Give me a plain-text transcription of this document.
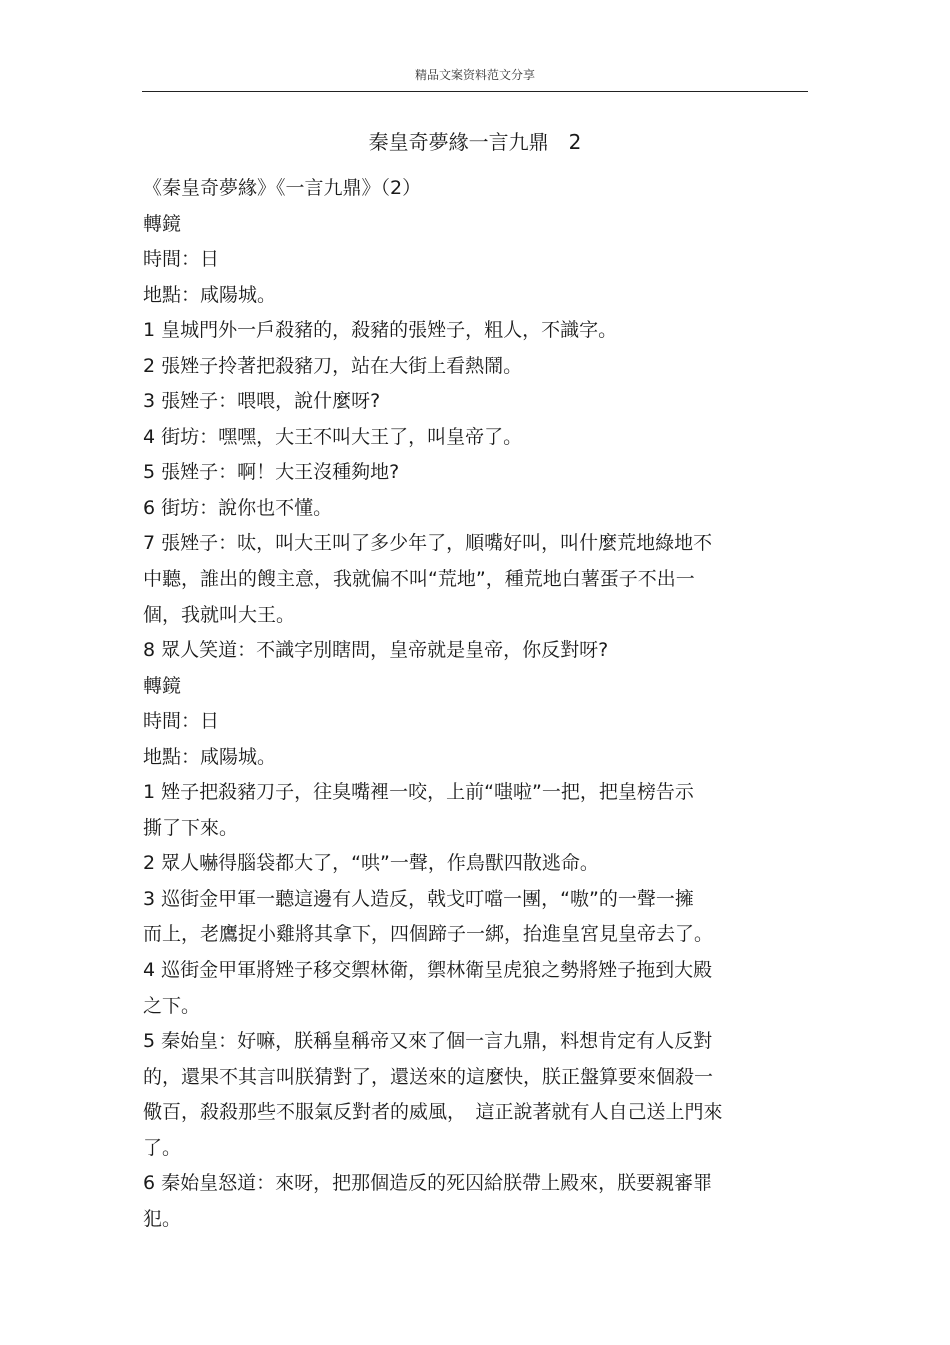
精品文案资料范文分享
秦皇奇夢緣一言九鼎　2
《秦皇奇夢緣》《一言九鼎》（2）
轉鏡
時間：日
地點：咸陽城。
1 皇城門外一戶殺豬的，殺豬的張矬子，粗人，不識字。
2 張矬子拎著把殺豬刀，站在大街上看熱鬧。
3 張矬子：喂喂，說什麼呀?
4 街坊：嘿嘿，大王不叫大王了，叫皇帝了。
5 張矬子：啊！大王沒種夠地?
6 街坊：說你也不懂。
7 張矬子：呔，叫大王叫了多少年了，順嘴好叫，叫什麼荒地綠地不
中聽，誰出的餿主意，我就偏不叫“荒地”，種荒地白薯蛋子不出一
個，我就叫大王。
8 眾人笑道：不識字別瞎問，皇帝就是皇帝，你反對呀?
轉鏡
時間：日
地點：咸陽城。
1 矬子把殺豬刀子，往臭嘴裡一咬，上前“嗤啦”一把，把皇榜告示
撕了下來。
2 眾人嚇得腦袋都大了，“哄”一聲，作鳥獸四散逃命。
3 巡街金甲軍一聽這邊有人造反，戟戈叮噹一團，“嗷”的一聲一擁
而上，老鷹捉小雞將其拿下，四個蹄子一綁，抬進皇宮見皇帝去了。
4 巡街金甲軍將矬子移交禦林衛，禦林衛呈虎狼之勢將矬子拖到大殿
之下。
5 秦始皇：好嘛，朕稱皇稱帝又來了個一言九鼎，料想肯定有人反對
的，還果不其言叫朕猜對了，還送來的這麼快，朕正盤算要來個殺一
儆百，殺殺那些不服氣反對者的威風，　這正說著就有人自己送上門來
了。
6 秦始皇怒道：來呀，把那個造反的死囚給朕帶上殿來，朕要親審罪
犯。
